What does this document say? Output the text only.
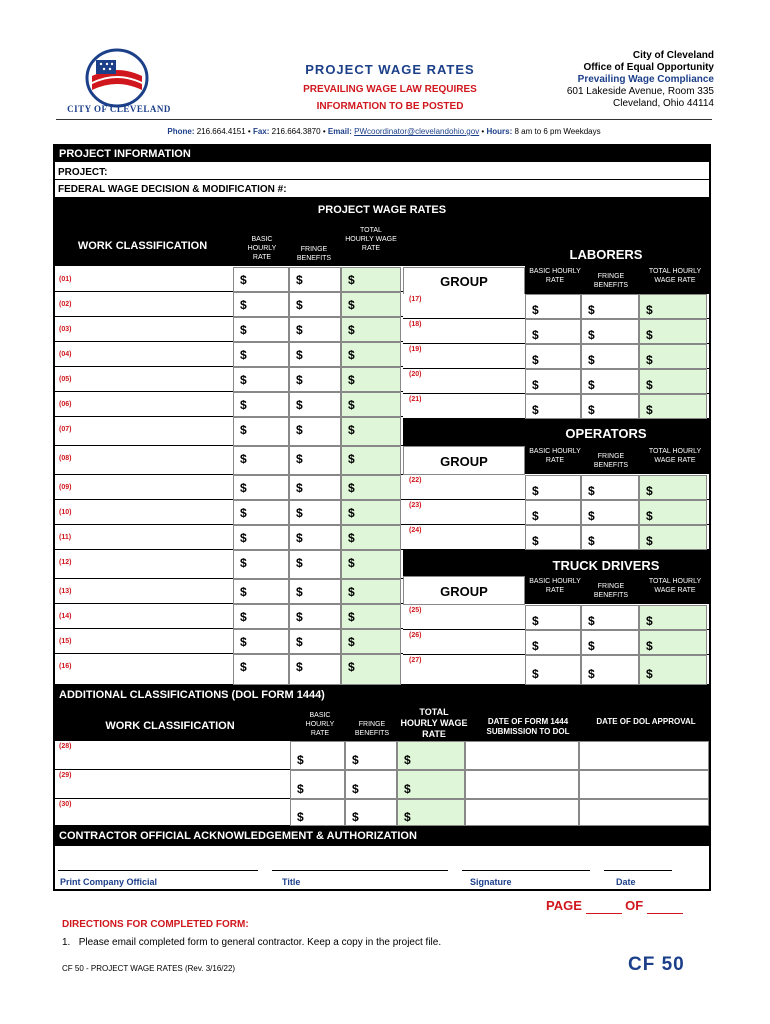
CITY OF CLEVELAND
PROJECT WAGE RATES
PREVAILING WAGE LAW REQUIRES
INFORMATION TO BE POSTED
City of Cleveland
Office of Equal Opportunity
Prevailing Wage Compliance
601 Lakeside Avenue, Room 335
Cleveland, Ohio 44114
Phone: 216.664.4151 • Fax: 216.664.3870 • Email: PWcoordinator@clevelandohio.gov • Hours: 8 am to 6 pm Weekdays
PROJECT INFORMATION
PROJECT:
FEDERAL WAGE DECISION & MODIFICATION #:
PROJECT WAGE RATES
WORK CLASSIFICATION
BASIC HOURLY RATE
FRINGE BENEFITS
TOTAL HOURLY WAGE RATE	LABORERS
(01)	$	$	$
(02)	$	$	$
(03)	$	$	$
(04)	$	$	$
(05)	$	$	$
(06)	$	$	$
(07)	$	$	$
(08)	$	$	$
(09)	$	$	$
(10)	$	$	$
(11)	$	$	$
(12)	$	$	$
(13)	$	$	$
(14)	$	$	$
(15)	$	$	$
(16)	$	$	$
BASIC HOURLY RATE
FRINGE BENEFITS
TOTAL HOURLY WAGE RATE
GROUP
(17)
$	$	$
(18)
$	$	$
(19)
$	$	$
(20)
$	$	$
(21)
$	$	$
OPERATORS
BASIC HOURLY RATE
FRINGE BENEFITS
TOTAL HOURLY WAGE RATE
GROUP
(22)
$	$	$
(23)
$	$	$
(24)
$	$	$
TRUCK DRIVERS
BASIC HOURLY RATE
FRINGE BENEFITS
TOTAL HOURLY WAGE RATE
GROUP
(25)
$	$	$
(26)
$	$	$
(27)
$	$	$
ADDITIONAL CLASSIFICATIONS (DOL FORM 1444)
WORK CLASSIFICATION
BASIC HOURLY RATE
FRINGE BENEFITS
TOTAL HOURLY WAGE RATE
DATE OF FORM 1444 SUBMISSION TO DOL
DATE OF DOL APPROVAL
(28)
$	$	$
(29)
$	$	$
(30)
$	$	$
CONTRACTOR OFFICIAL ACKNOWLEDGEMENT & AUTHORIZATION
Print Company Official	Title	Signature	Date
PAGE	OF
DIRECTIONS FOR COMPLETED FORM:
1. Please email completed form to general contractor. Keep a copy in the project file.
CF 50 - PROJECT WAGE RATES (Rev. 3/16/22)	CF 50
